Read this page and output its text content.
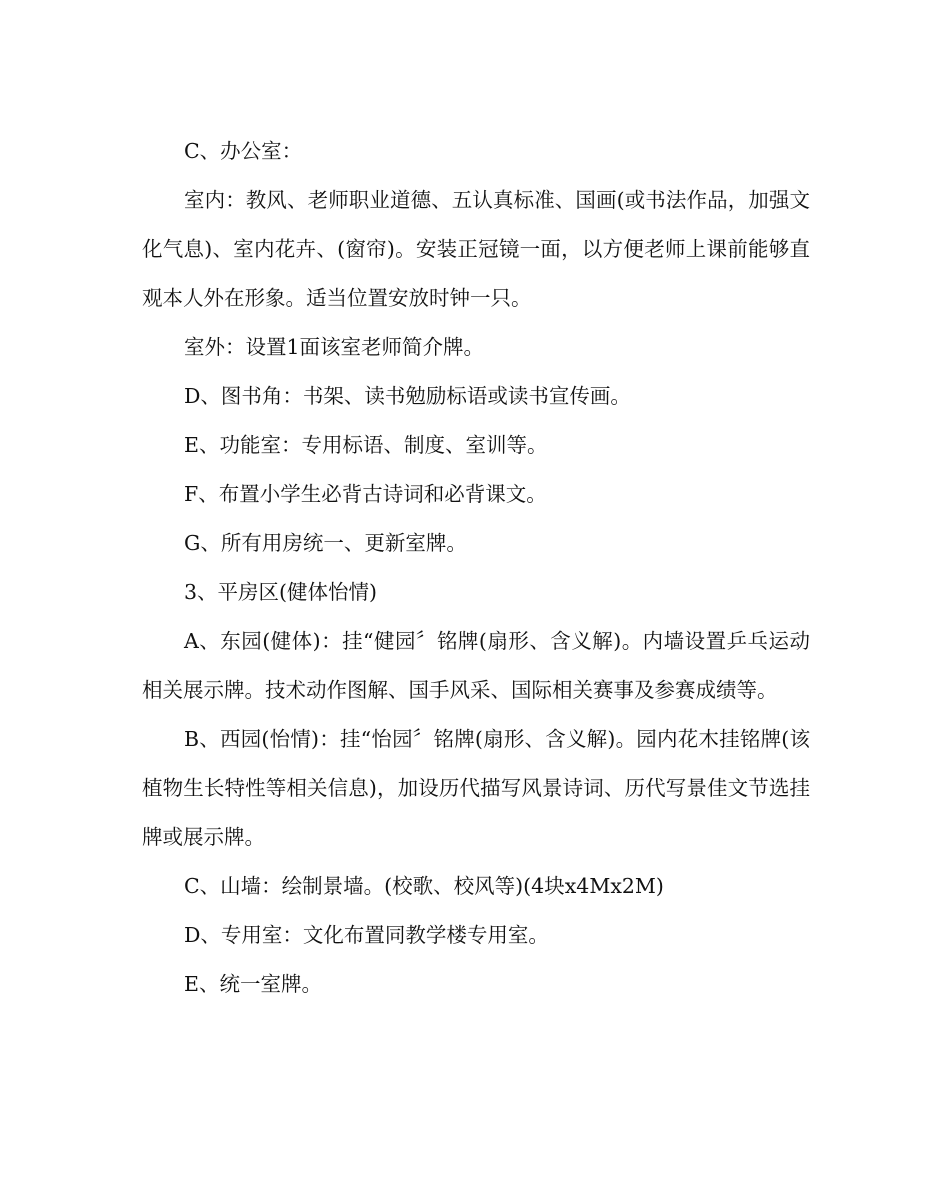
C、办公室：

室内：教风、老师职业道德、五认真标准、国画(或书法作品，加强文化气息)、室内花卉、(窗帘)。安装正冠镜一面，以方便老师上课前能够直观本人外在形象。适当位置安放时钟一只。

室外：设置1面该室老师简介牌。

D、图书角：书架、读书勉励标语或读书宣传画。

E、功能室：专用标语、制度、室训等。

F、布置小学生必背古诗词和必背课文。

G、所有用房统一、更新室牌。

3、平房区(健体怡情)

A、东园(健体)：挂“健园〞铭牌(扇形、含义解)。内墙设置乒乓运动相关展示牌。技术动作图解、国手风采、国际相关赛事及参赛成绩等。

B、西园(怡情)：挂“怡园〞铭牌(扇形、含义解)。园内花木挂铭牌(该植物生长特性等相关信息)，加设历代描写风景诗词、历代写景佳文节选挂牌或展示牌。

C、山墙：绘制景墙。(校歌、校风等)(4块x4Mx2M)

D、专用室：文化布置同教学楼专用室。

E、统一室牌。
